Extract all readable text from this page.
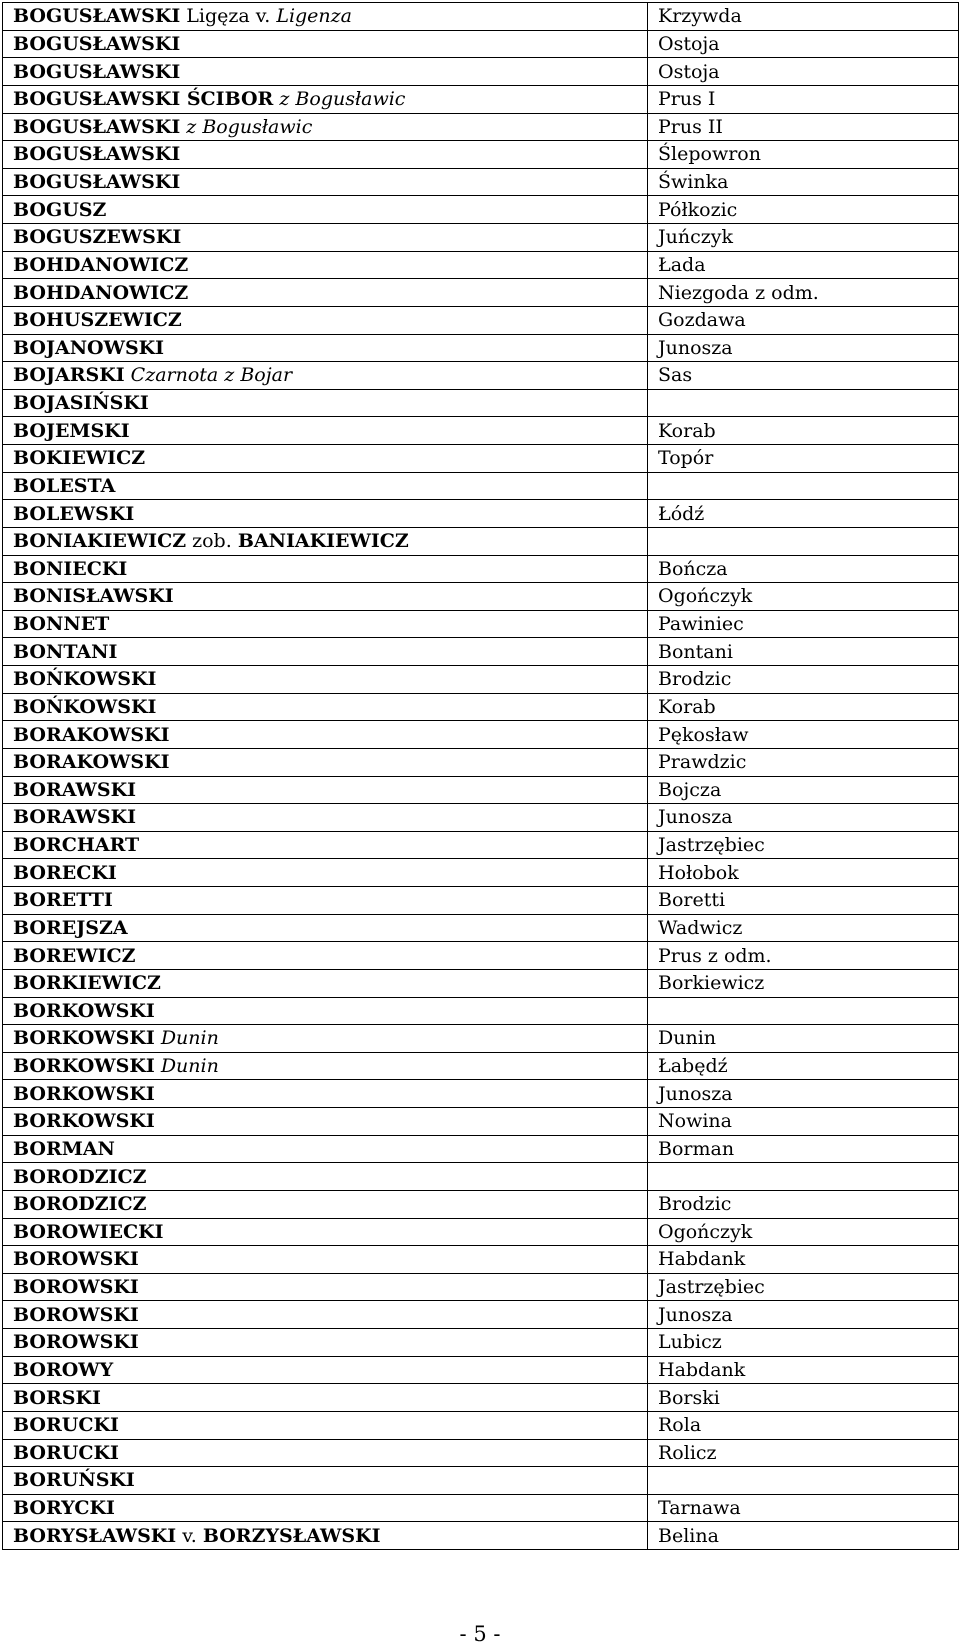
BOGUSŁAWSKI Ligęza v. Ligenza	Krzywda
BOGUSŁAWSKI	Ostoja
BOGUSŁAWSKI	Ostoja
BOGUSŁAWSKI ŚCIBOR z Bogusławic	Prus I
BOGUSŁAWSKI z Bogusławic	Prus II
BOGUSŁAWSKI	Ślepowron
BOGUSŁAWSKI	Świnka
BOGUSZ	Półkozic
BOGUSZEWSKI	Juńczyk
BOHDANOWICZ	Łada
BOHDANOWICZ	Niezgoda z odm.
BOHUSZEWICZ	Gozdawa
BOJANOWSKI	Junosza
BOJARSKI Czarnota z Bojar	Sas
BOJASIŃSKI	
BOJEMSKI	Korab
BOKIEWICZ	Topór
BOLESTA	
BOLEWSKI	Łódź
BONIAKIEWICZ zob. BANIAKIEWICZ	
BONIECKI	Bończa
BONISŁAWSKI	Ogończyk
BONNET	Pawiniec
BONTANI	Bontani
BOŃKOWSKI	Brodzic
BOŃKOWSKI	Korab
BORAKOWSKI	Pękosław
BORAKOWSKI	Prawdzic
BORAWSKI	Bojcza
BORAWSKI	Junosza
BORCHART	Jastrzębiec
BORECKI	Hołobok
BORETTI	Boretti
BOREJSZA	Wadwicz
BOREWICZ	Prus z odm.
BORKIEWICZ	Borkiewicz
BORKOWSKI	
BORKOWSKI Dunin	Dunin
BORKOWSKI Dunin	Łabędź
BORKOWSKI	Junosza
BORKOWSKI	Nowina
BORMAN	Borman
BORODZICZ	
BORODZICZ	Brodzic
BOROWIECKI	Ogończyk
BOROWSKI	Habdank
BOROWSKI	Jastrzębiec
BOROWSKI	Junosza
BOROWSKI	Lubicz
BOROWY	Habdank
BORSKI	Borski
BORUCKI	Rola
BORUCKI	Rolicz
BORUŃSKI	
BORYCKI	Tarnawa
BORYSŁAWSKI v. BORZYSŁAWSKI	Belina
- 5 -
